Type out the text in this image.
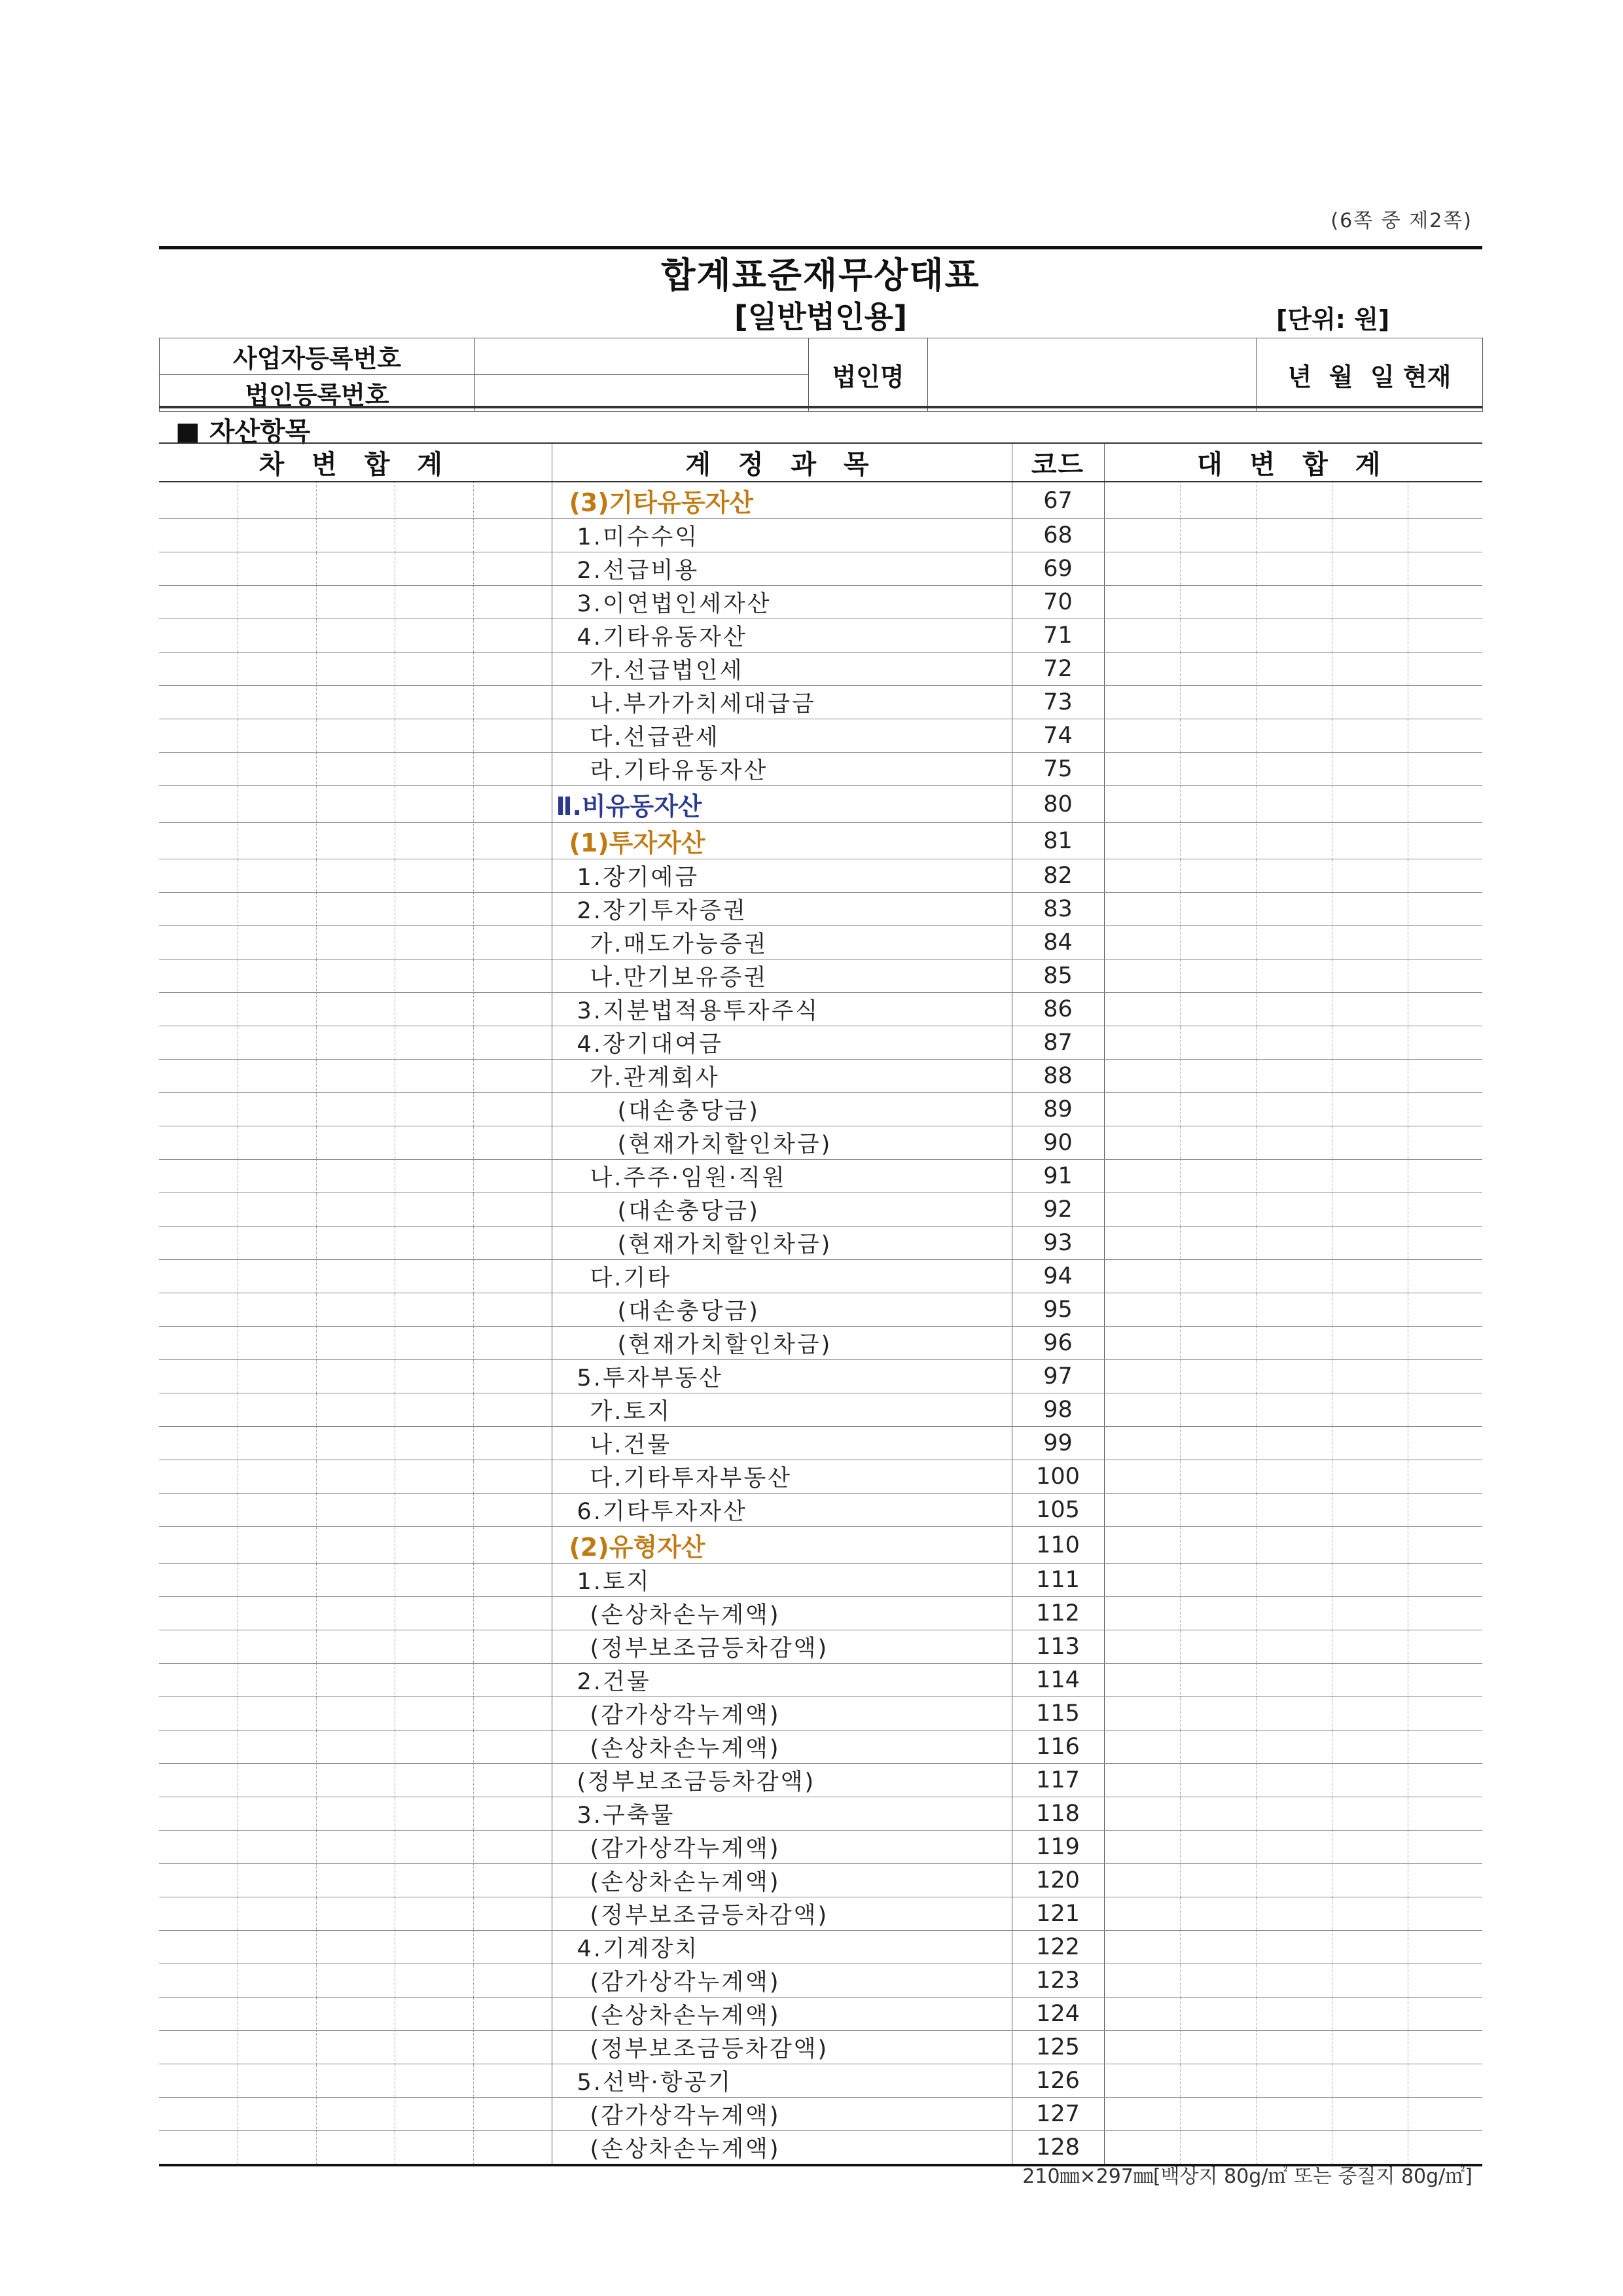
(6쪽 중 제2쪽)
합계표준재무상태표
[일반법인용]	[단위: 원]
사업자등록번호		법인명		년  월  일 현재
법인등록번호				
■ 자산항목
차 변 합 계					계 정 과 목	코드	대 변 합 계				
					(3)기타유동자산	67					
					1.미수수익	68					
					2.선급비용	69					
					3.이연법인세자산	70					
					4.기타유동자산	71					
					가.선급법인세	72					
					나.부가가치세대급금	73					
					다.선급관세	74					
					라.기타유동자산	75					
					Ⅱ.비유동자산	80					
					(1)투자자산	81					
					1.장기예금	82					
					2.장기투자증권	83					
					가.매도가능증권	84					
					나.만기보유증권	85					
					3.지분법적용투자주식	86					
					4.장기대여금	87					
					가.관계회사	88					
					(대손충당금)	89					
					(현재가치할인차금)	90					
					나.주주·임원·직원	91					
					(대손충당금)	92					
					(현재가치할인차금)	93					
					다.기타	94					
					(대손충당금)	95					
					(현재가치할인차금)	96					
					5.투자부동산	97					
					가.토지	98					
					나.건물	99					
					다.기타투자부동산	100					
					6.기타투자자산	105					
					(2)유형자산	110					
					1.토지	111					
					(손상차손누계액)	112					
					(정부보조금등차감액)	113					
					2.건물	114					
					(감가상각누계액)	115					
					(손상차손누계액)	116					
					(정부보조금등차감액)	117					
					3.구축물	118					
					(감가상각누계액)	119					
					(손상차손누계액)	120					
					(정부보조금등차감액)	121					
					4.기계장치	122					
					(감가상각누계액)	123					
					(손상차손누계액)	124					
					(정부보조금등차감액)	125					
					5.선박·항공기	126					
					(감가상각누계액)	127					
					(손상차손누계액)	128					
210㎜×297㎜[백상지 80g/㎡ 또는 중질지 80g/㎡]
